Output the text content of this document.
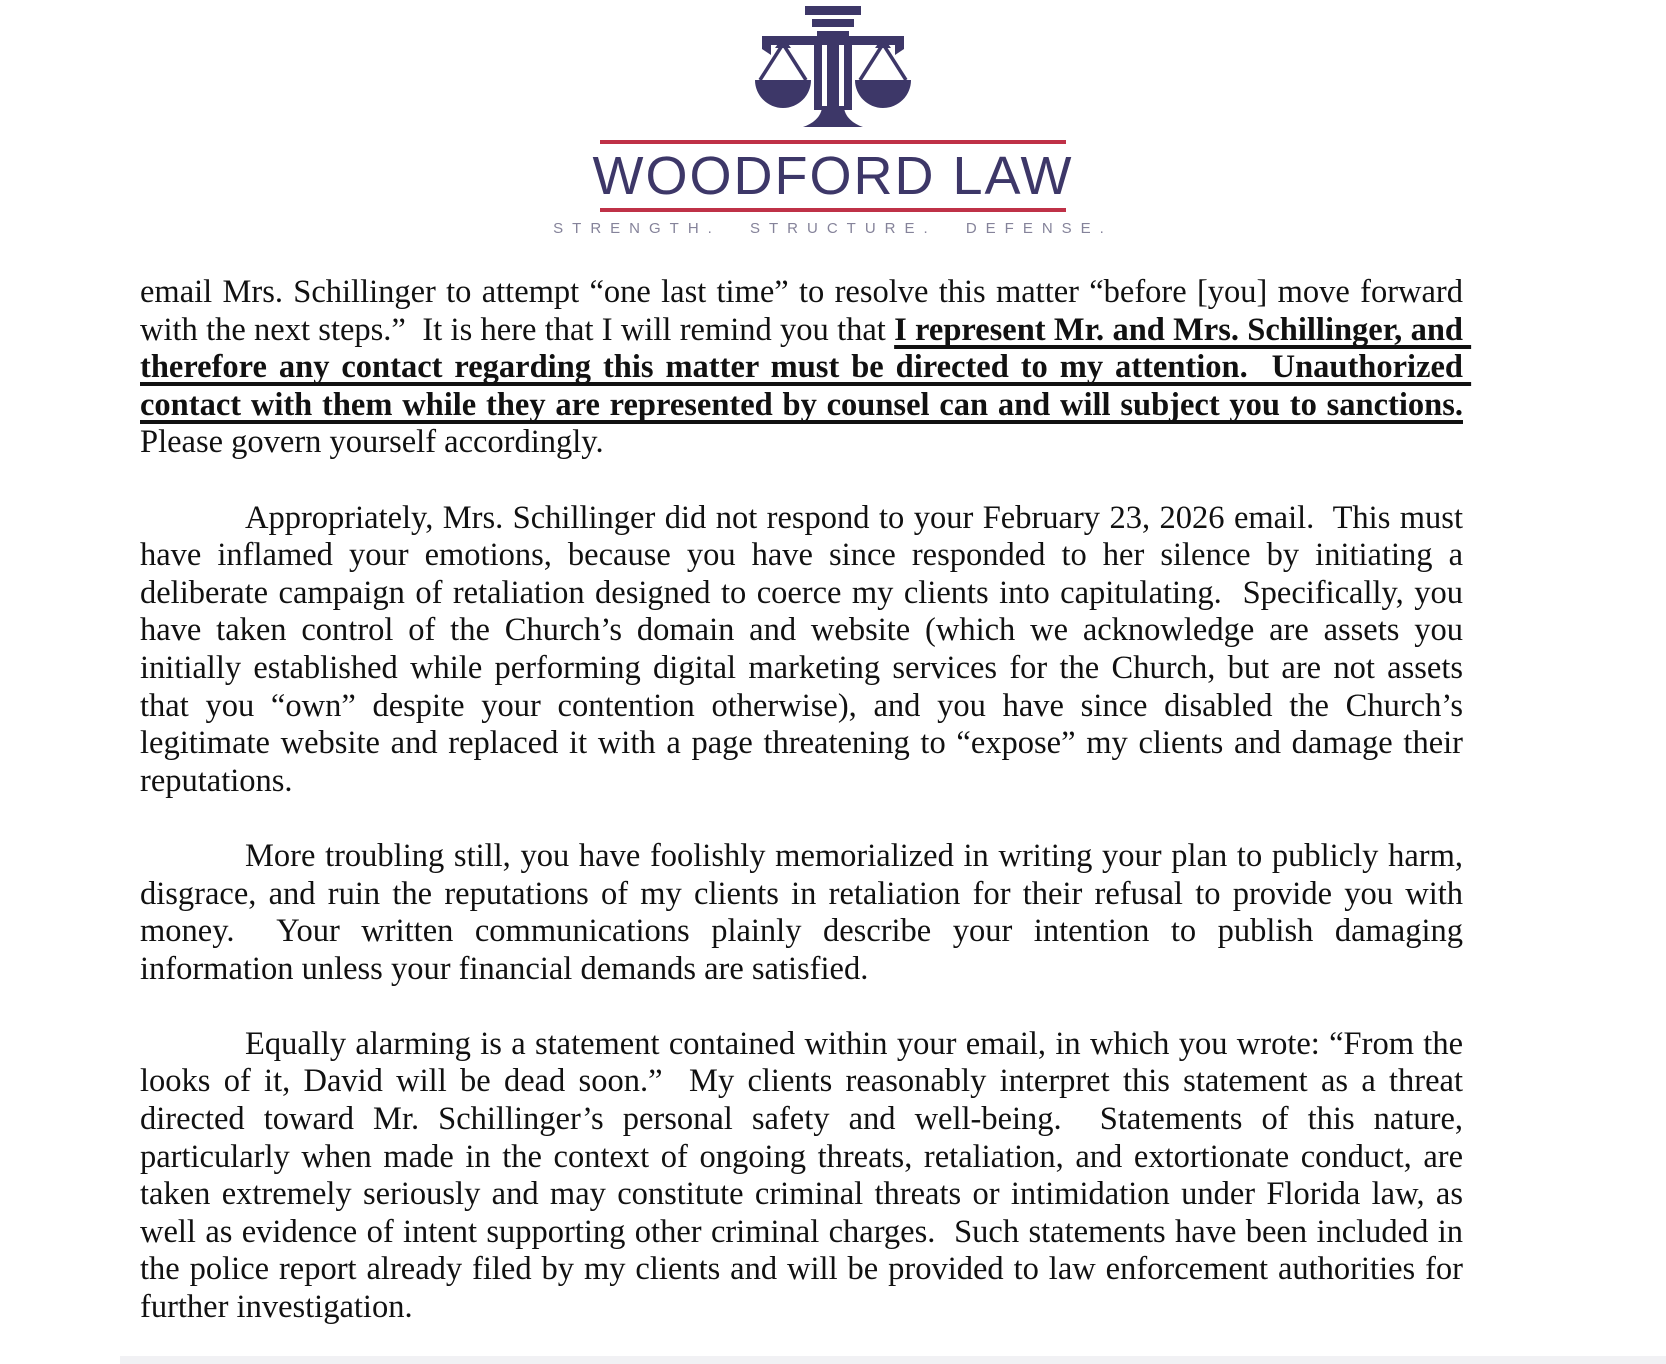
WOODFORD LAW
STRENGTH. STRUCTURE. DEFENSE.

email Mrs. Schillinger to attempt “one last time” to resolve this matter “before [you] move forward with the next steps.”  It is here that I will remind you that I represent Mr. and Mrs. Schillinger, and therefore any contact regarding this matter must be directed to my attention.  Unauthorized contact with them while they are represented by counsel can and will subject you to sanctions.  Please govern yourself accordingly.

Appropriately, Mrs. Schillinger did not respond to your February 23, 2026 email.  This must have inflamed your emotions, because you have since responded to her silence by initiating a deliberate campaign of retaliation designed to coerce my clients into capitulating.  Specifically, you have taken control of the Church’s domain and website (which we acknowledge are assets you initially established while performing digital marketing services for the Church, but are not assets that you “own” despite your contention otherwise), and you have since disabled the Church’s legitimate website and replaced it with a page threatening to “expose” my clients and damage their reputations.

More troubling still, you have foolishly memorialized in writing your plan to publicly harm, disgrace, and ruin the reputations of my clients in retaliation for their refusal to provide you with money.  Your written communications plainly describe your intention to publish damaging information unless your financial demands are satisfied.

Equally alarming is a statement contained within your email, in which you wrote: “From the looks of it, David will be dead soon.”  My clients reasonably interpret this statement as a threat directed toward Mr. Schillinger’s personal safety and well-being.  Statements of this nature, particularly when made in the context of ongoing threats, retaliation, and extortionate conduct, are taken extremely seriously and may constitute criminal threats or intimidation under Florida law, as well as evidence of intent supporting other criminal charges.  Such statements have been included in the police report already filed by my clients and will be provided to law enforcement authorities for further investigation.
